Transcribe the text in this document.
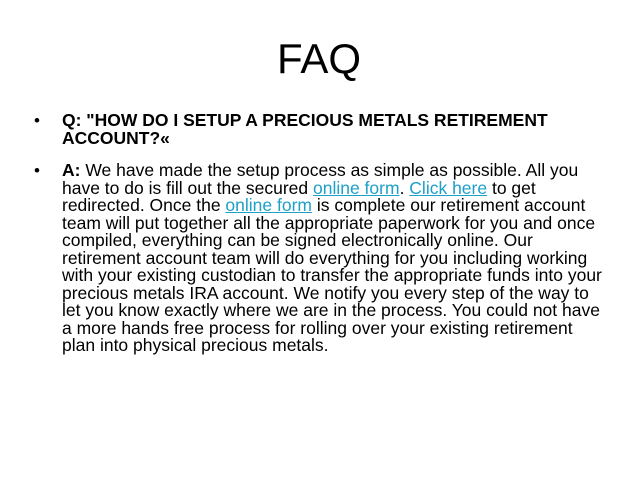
FAQ
• Q: "HOW DO I SETUP A PRECIOUS METALS RETIREMENT ACCOUNT?«
• A: We have made the setup process as simple as possible. All you have to do is fill out the secured online form. Click here to get redirected. Once the online form is complete our retirement account team will put together all the appropriate paperwork for you and once compiled, everything can be signed electronically online. Our retirement account team will do everything for you including working with your existing custodian to transfer the appropriate funds into your precious metals IRA account. We notify you every step of the way to let you know exactly where we are in the process. You could not have a more hands free process for rolling over your existing retirement plan into physical precious metals.
